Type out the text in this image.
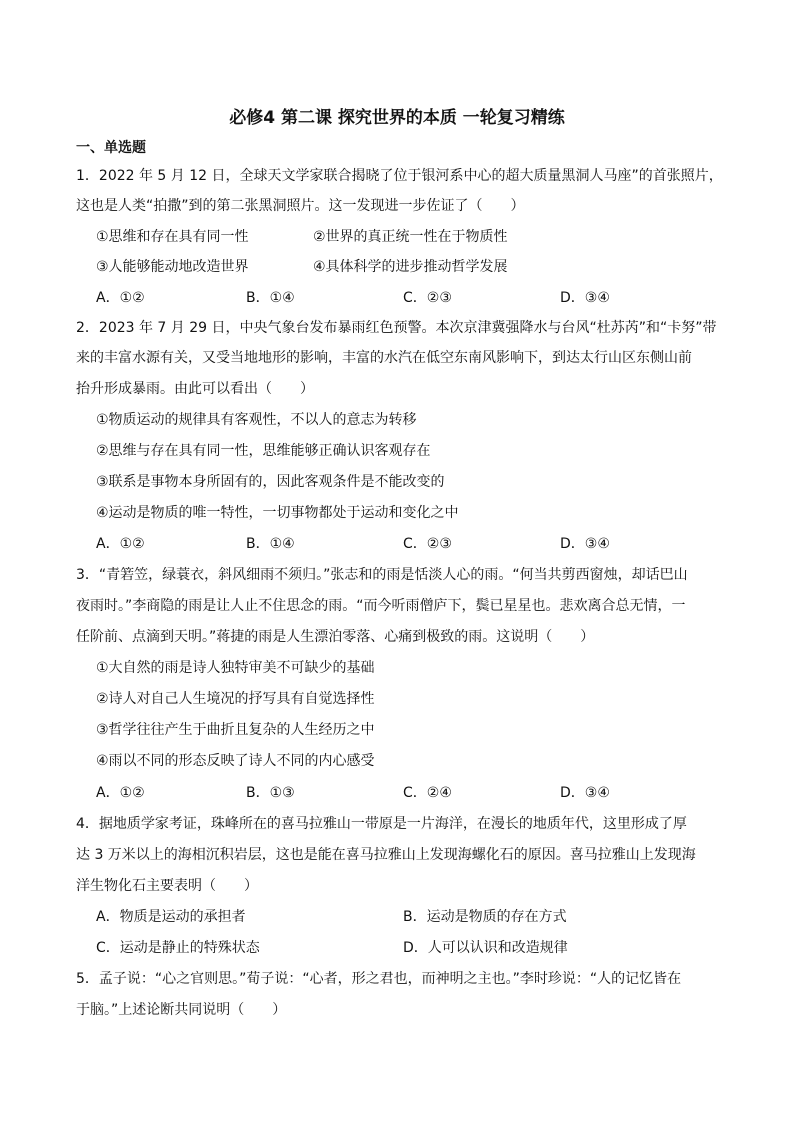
必修4 第二课 探究世界的本质 一轮复习精练
一、单选题
1．2022 年 5 月 12 日，全球天文学家联合揭晓了位于银河系中心的超大质量黑洞人马座”的首张照片，
这也是人类“拍撒”到的第二张黑洞照片。这一发现进一步佐证了（　　）
①思维和存在具有同一性	②世界的真正统一性在于物质性
③人能够能动地改造世界	④具体科学的进步推动哲学发展
A．①②	B．①④	C．②③	D．③④
2．2023 年 7 月 29 日，中央气象台发布暴雨红色预警。本次京津冀强降水与台风“杜苏芮”和“卡努”带
来的丰富水源有关，又受当地地形的影响，丰富的水汽在低空东南风影响下，到达太行山区东侧山前
抬升形成暴雨。由此可以看出（　　）
①物质运动的规律具有客观性，不以人的意志为转移
②思维与存在具有同一性，思维能够正确认识客观存在
③联系是事物本身所固有的，因此客观条件是不能改变的
④运动是物质的唯一特性，一切事物都处于运动和变化之中
A．①②	B．①④	C．②③	D．③④
3．“青箬笠，绿蓑衣，斜风细雨不须归。”张志和的雨是恬淡人心的雨。“何当共剪西窗烛，却话巴山
夜雨时。”李商隐的雨是让人止不住思念的雨。“而今听雨僧庐下，鬓已星星也。悲欢离合总无情，一
任阶前、点滴到天明。”蒋捷的雨是人生漂泊零落、心痛到极致的雨。这说明（　　）
①大自然的雨是诗人独特审美不可缺少的基础
②诗人对自己人生境况的抒写具有自觉选择性
③哲学往往产生于曲折且复杂的人生经历之中
④雨以不同的形态反映了诗人不同的内心感受
A．①②	B．①③	C．②④	D．③④
4．据地质学家考证，珠峰所在的喜马拉雅山一带原是一片海洋，在漫长的地质年代，这里形成了厚
达 3 万米以上的海相沉积岩层，这也是能在喜马拉雅山上发现海螺化石的原因。喜马拉雅山上发现海
洋生物化石主要表明（　　）
A．物质是运动的承担者	B．运动是物质的存在方式
C．运动是静止的特殊状态	D．人可以认识和改造规律
5．孟子说：“心之官则思。”荀子说：“心者，形之君也，而神明之主也。”李时珍说：“人的记忆皆在
于脑。”上述论断共同说明（　　）
